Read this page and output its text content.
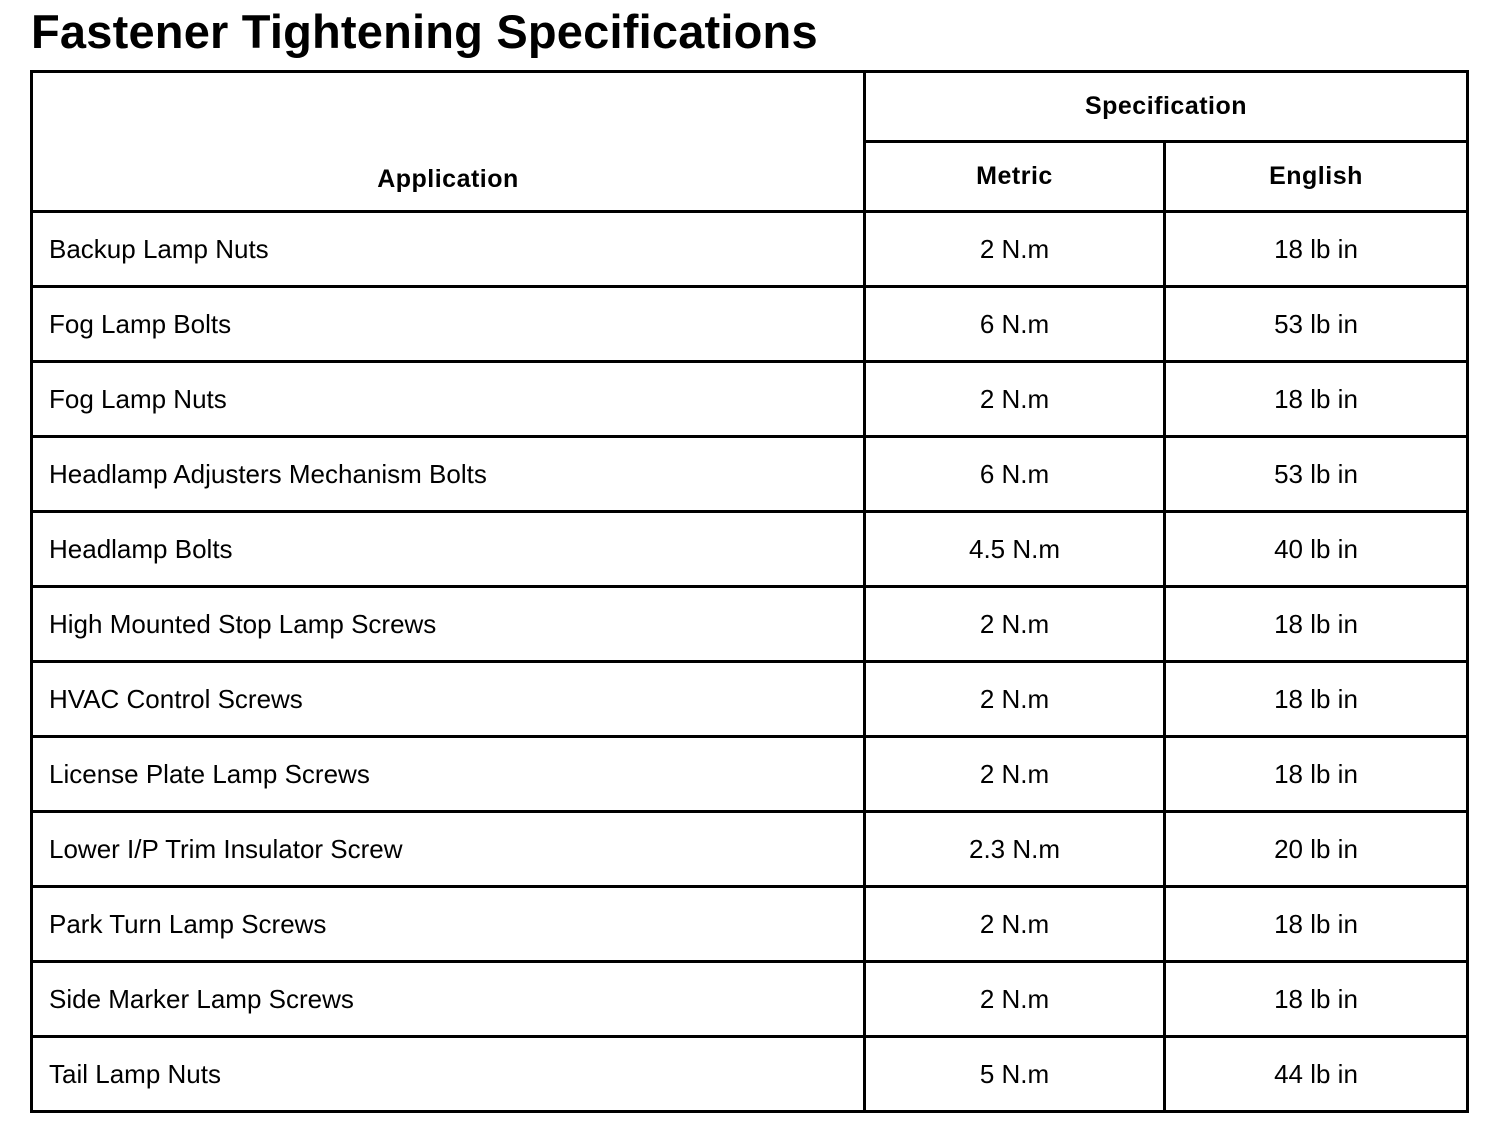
Fastener Tightening Specifications
Application	Specification	
	Metric	English
Backup Lamp Nuts	2 N.m	18 lb in
Fog Lamp Bolts	6 N.m	53 lb in
Fog Lamp Nuts	2 N.m	18 lb in
Headlamp Adjusters Mechanism Bolts	6 N.m	53 lb in
Headlamp Bolts	4.5 N.m	40 lb in
High Mounted Stop Lamp Screws	2 N.m	18 lb in
HVAC Control Screws	2 N.m	18 lb in
License Plate Lamp Screws	2 N.m	18 lb in
Lower I/P Trim Insulator Screw	2.3 N.m	20 lb in
Park Turn Lamp Screws	2 N.m	18 lb in
Side Marker Lamp Screws	2 N.m	18 lb in
Tail Lamp Nuts	5 N.m	44 lb in
